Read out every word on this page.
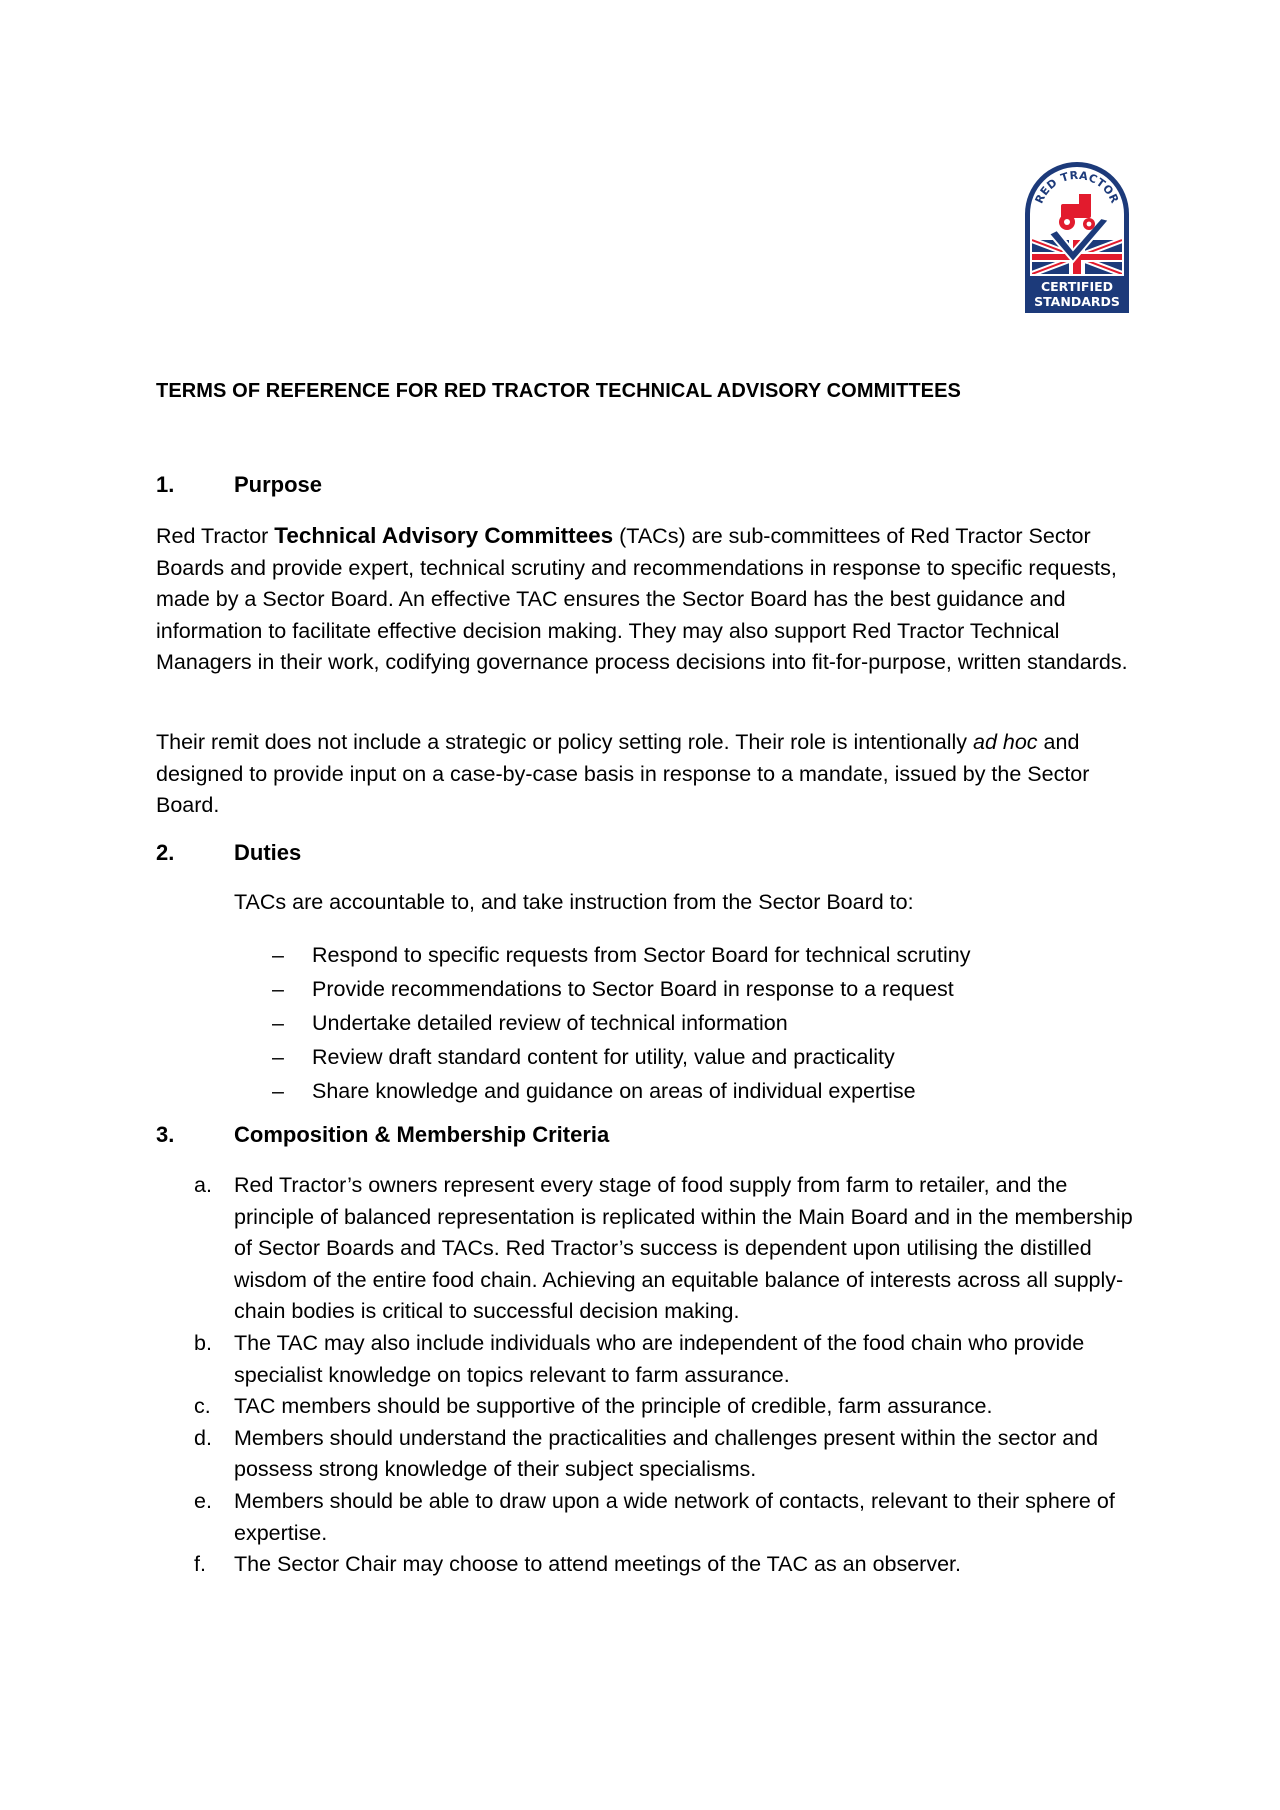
RED TRACTOR
CERTIFIED
STANDARDS
TERMS OF REFERENCE FOR RED TRACTOR TECHNICAL ADVISORY COMMITTEES
1.	Purpose

Red Tractor Technical Advisory Committees (TACs) are sub-committees of Red Tractor Sector Boards and provide expert, technical scrutiny and recommendations in response to specific requests, made by a Sector Board. An effective TAC ensures the Sector Board has the best guidance and information to facilitate effective decision making. They may also support Red Tractor Technical Managers in their work, codifying governance process decisions into fit-for-purpose, written standards.

Their remit does not include a strategic or policy setting role. Their role is intentionally ad hoc and designed to provide input on a case-by-case basis in response to a mandate, issued by the Sector Board.

2.	Duties
TACs are accountable to, and take instruction from the Sector Board to:
– Respond to specific requests from Sector Board for technical scrutiny
– Provide recommendations to Sector Board in response to a request
– Undertake detailed review of technical information
– Review draft standard content for utility, value and practicality
– Share knowledge and guidance on areas of individual expertise
3.	Composition & Membership Criteria
a. Red Tractor’s owners represent every stage of food supply from farm to retailer, and the principle of balanced representation is replicated within the Main Board and in the membership of Sector Boards and TACs. Red Tractor’s success is dependent upon utilising the distilled wisdom of the entire food chain. Achieving an equitable balance of interests across all supply-chain bodies is critical to successful decision making.
b. The TAC may also include individuals who are independent of the food chain who provide specialist knowledge on topics relevant to farm assurance.
c. TAC members should be supportive of the principle of credible, farm assurance.
d. Members should understand the practicalities and challenges present within the sector and possess strong knowledge of their subject specialisms.
e. Members should be able to draw upon a wide network of contacts, relevant to their sphere of expertise.
f. The Sector Chair may choose to attend meetings of the TAC as an observer.
